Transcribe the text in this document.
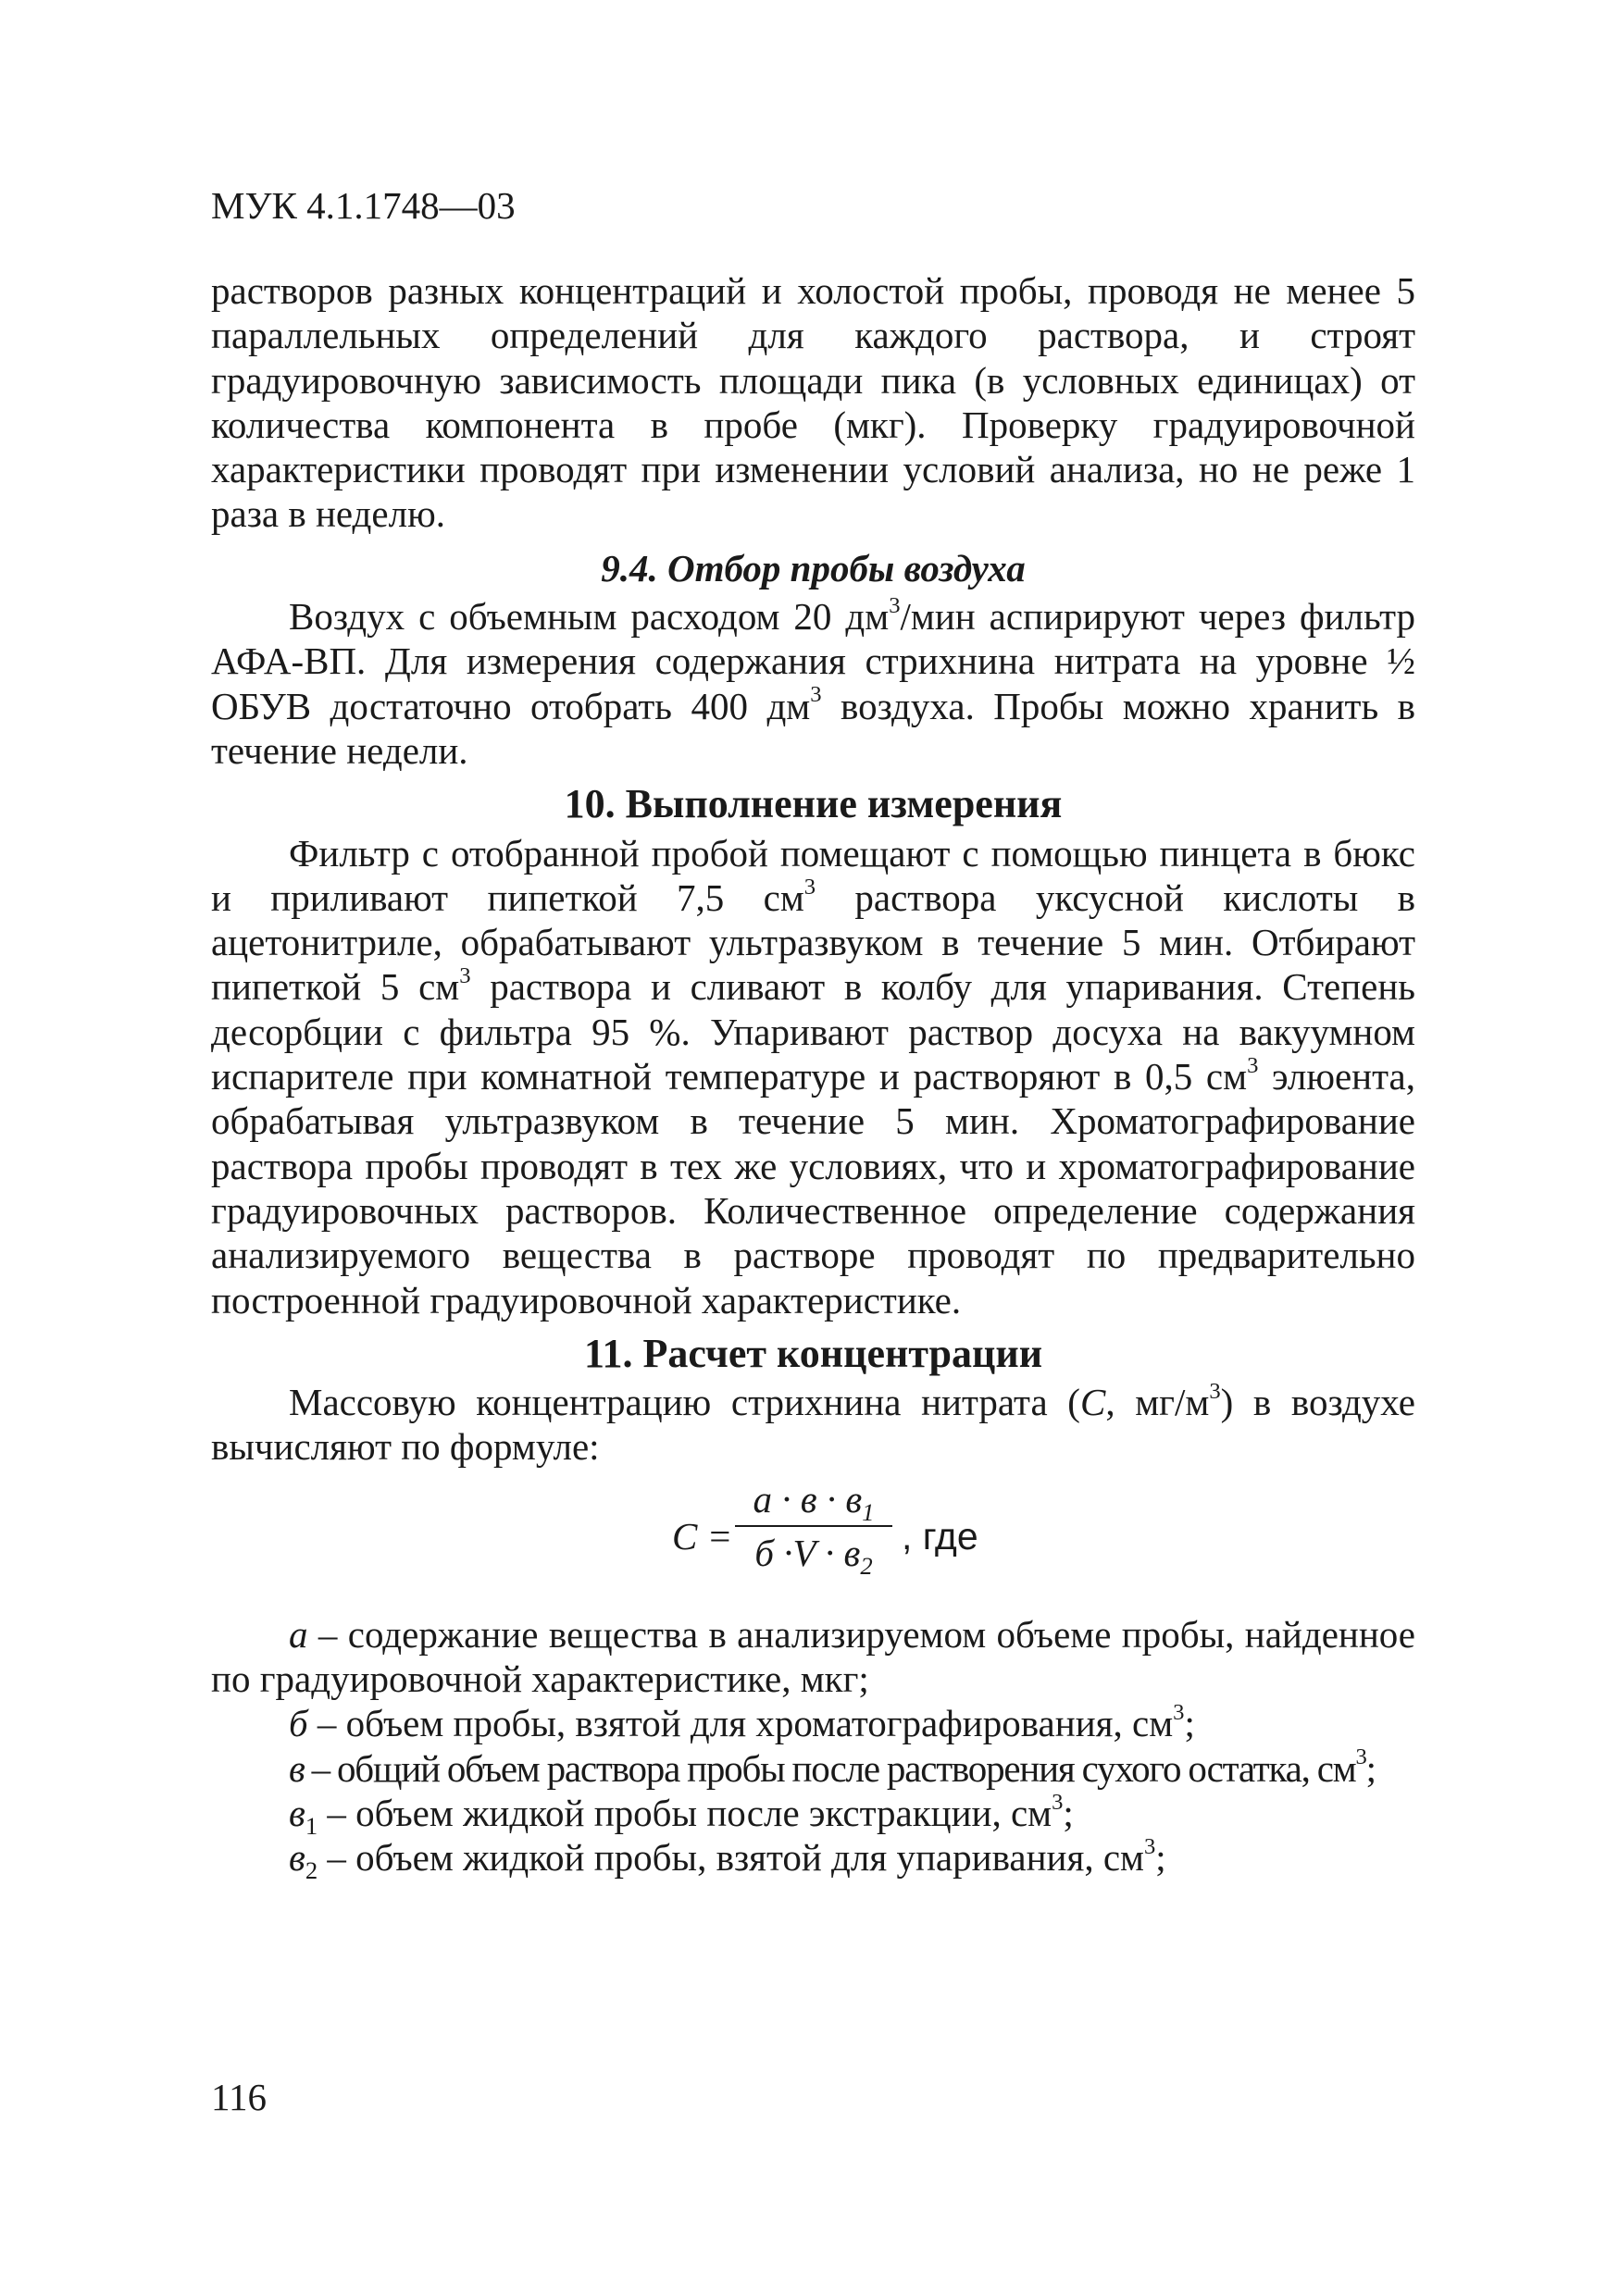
МУК 4.1.1748—03

растворов разных концентраций и холостой пробы, проводя не менее 5 параллельных определений для каждого раствора, и строят градуировочную зависимость площади пика (в условных единицах) от количества компонента в пробе (мкг). Проверку градуировочной характеристики проводят при изменении условий анализа, но не реже 1 раза в неделю.

9.4. Отбор пробы воздуха

Воздух с объемным расходом 20 $дм^3$/мин аспирируют через фильтр АФА-ВП. Для измерения содержания стрихнина нитрата на уровне ½ ОБУВ достаточно отобрать 400 $дм^3$ воздуха. Пробы можно хранить в течение недели.

10. Выполнение измерения

Фильтр с отобранной пробой помещают с помощью пинцета в бюкс и приливают пипеткой 7,5 $см^3$ раствора уксусной кислоты в ацетонитриле, обрабатывают ультразвуком в течение 5 мин. Отбирают пипеткой 5 $см^3$ раствора и сливают в колбу для упаривания. Степень десорбции с фильтра 95 %. Упаривают раствор досуха на вакуумном испарителе при комнатной температуре и растворяют в 0,5 $см^3$ элюента, обрабатывая ультразвуком в течение 5 мин. Хроматографирование раствора пробы проводят в тех же условиях, что и хроматографирование градуировочных растворов. Количественное определение содержания анализируемого вещества в растворе проводят по предварительно построенной градуировочной характеристике.

11. Расчет концентрации

Массовую концентрацию стрихнина нитрата (C, $мг/м^3$) в воздухе вычисляют по формуле:

C =
$а \cdot в \cdot в_1$
$б \cdot V \cdot в_2$
, где

а – содержание вещества в анализируемом объеме пробы, найденное по градуировочной характеристике, мкг;

б – объем пробы, взятой для хроматографирования, $см^3$;

в – общий объем раствора пробы после растворения сухого остатка, $см^3$;

$в_1$ – объем жидкой пробы после экстракции, $см^3$;

$в_2$ – объем жидкой пробы, взятой для упаривания, $см^3$;

116
